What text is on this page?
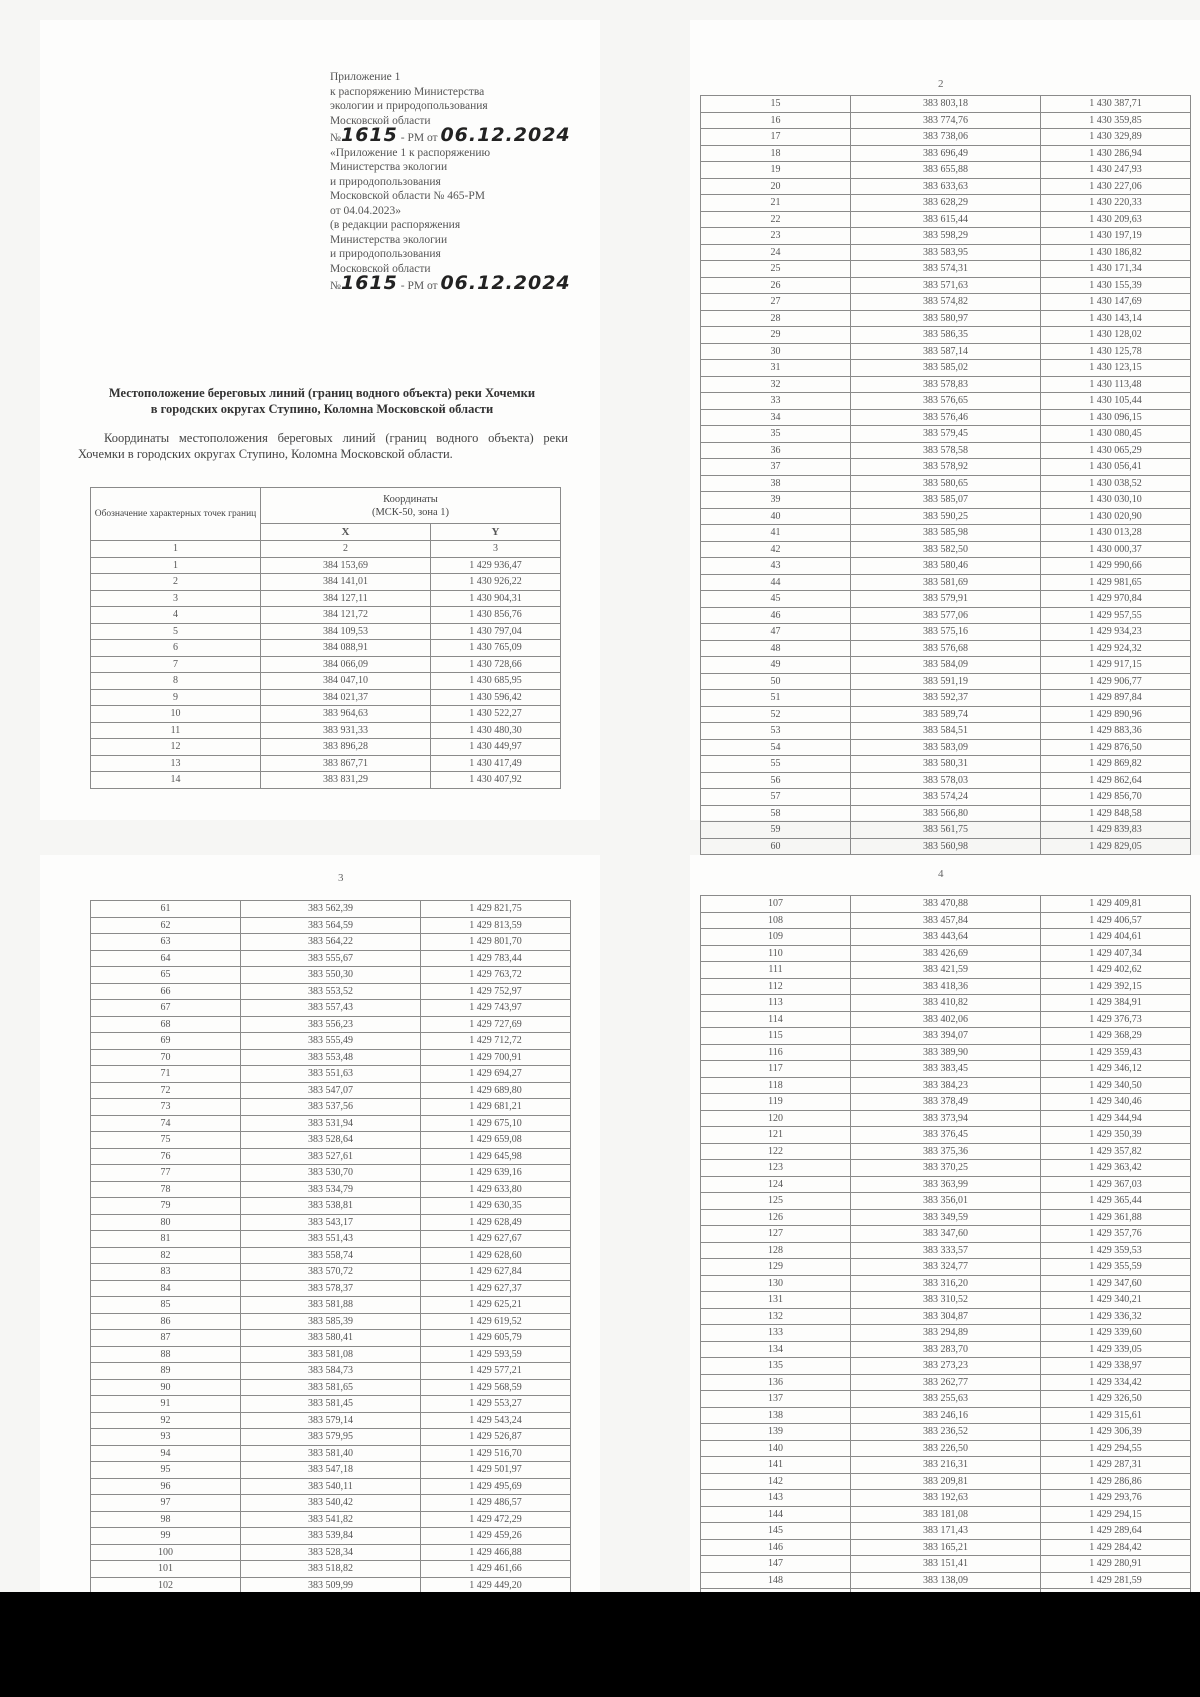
Приложение 1
к распоряжению Министерства
экологии и природопользования
Московской области
№1615 - РМ от 06.12.2024
«Приложение 1 к распоряжению
Министерства экологии
и природопользования
Московской области № 465-РМ
от 04.04.2023»
(в редакции распоряжения
Министерства экологии
и природопользования
Московской области
№1615 - РМ от 06.12.2024
Местоположение береговых линий (границ водного объекта) реки Хочемки
в городских округах Ступино, Коломна Московской области
Координаты местоположения береговых линий (границ водного объекта) реки Хочемки в городских округах Ступино, Коломна Московской области.
Обозначение характерных точек границ	Координаты
(МСК-50, зона 1)	

	X	Y
1	2	3
1	384 153,69	1 429 936,47
2	384 141,01	1 430 926,22
3	384 127,11	1 430 904,31
4	384 121,72	1 430 856,76
5	384 109,53	1 430 797,04
6	384 088,91	1 430 765,09
7	384 066,09	1 430 728,66
8	384 047,10	1 430 685,95
9	384 021,37	1 430 596,42
10	383 964,63	1 430 522,27
11	383 931,33	1 430 480,30
12	383 896,28	1 430 449,97
13	383 867,71	1 430 417,49
14	383 831,29	1 430 407,92
2
15	383 803,18	1 430 387,71
16	383 774,76	1 430 359,85
17	383 738,06	1 430 329,89
18	383 696,49	1 430 286,94
19	383 655,88	1 430 247,93
20	383 633,63	1 430 227,06
21	383 628,29	1 430 220,33
22	383 615,44	1 430 209,63
23	383 598,29	1 430 197,19
24	383 583,95	1 430 186,82
25	383 574,31	1 430 171,34
26	383 571,63	1 430 155,39
27	383 574,82	1 430 147,69
28	383 580,97	1 430 143,14
29	383 586,35	1 430 128,02
30	383 587,14	1 430 125,78
31	383 585,02	1 430 123,15
32	383 578,83	1 430 113,48
33	383 576,65	1 430 105,44
34	383 576,46	1 430 096,15
35	383 579,45	1 430 080,45
36	383 578,58	1 430 065,29
37	383 578,92	1 430 056,41
38	383 580,65	1 430 038,52
39	383 585,07	1 430 030,10
40	383 590,25	1 430 020,90
41	383 585,98	1 430 013,28
42	383 582,50	1 430 000,37
43	383 580,46	1 429 990,66
44	383 581,69	1 429 981,65
45	383 579,91	1 429 970,84
46	383 577,06	1 429 957,55
47	383 575,16	1 429 934,23
48	383 576,68	1 429 924,32
49	383 584,09	1 429 917,15
50	383 591,19	1 429 906,77
51	383 592,37	1 429 897,84
52	383 589,74	1 429 890,96
53	383 584,51	1 429 883,36
54	383 583,09	1 429 876,50
55	383 580,31	1 429 869,82
56	383 578,03	1 429 862,64
57	383 574,24	1 429 856,70
58	383 566,80	1 429 848,58
59	383 561,75	1 429 839,83
60	383 560,98	1 429 829,05
3
61	383 562,39	1 429 821,75
62	383 564,59	1 429 813,59
63	383 564,22	1 429 801,70
64	383 555,67	1 429 783,44
65	383 550,30	1 429 763,72
66	383 553,52	1 429 752,97
67	383 557,43	1 429 743,97
68	383 556,23	1 429 727,69
69	383 555,49	1 429 712,72
70	383 553,48	1 429 700,91
71	383 551,63	1 429 694,27
72	383 547,07	1 429 689,80
73	383 537,56	1 429 681,21
74	383 531,94	1 429 675,10
75	383 528,64	1 429 659,08
76	383 527,61	1 429 645,98
77	383 530,70	1 429 639,16
78	383 534,79	1 429 633,80
79	383 538,81	1 429 630,35
80	383 543,17	1 429 628,49
81	383 551,43	1 429 627,67
82	383 558,74	1 429 628,60
83	383 570,72	1 429 627,84
84	383 578,37	1 429 627,37
85	383 581,88	1 429 625,21
86	383 585,39	1 429 619,52
87	383 580,41	1 429 605,79
88	383 581,08	1 429 593,59
89	383 584,73	1 429 577,21
90	383 581,65	1 429 568,59
91	383 581,45	1 429 553,27
92	383 579,14	1 429 543,24
93	383 579,95	1 429 526,87
94	383 581,40	1 429 516,70
95	383 547,18	1 429 501,97
96	383 540,11	1 429 495,69
97	383 540,42	1 429 486,57
98	383 541,82	1 429 472,29
99	383 539,84	1 429 459,26
100	383 528,34	1 429 466,88
101	383 518,82	1 429 461,66
102	383 509,99	1 429 449,20

4
107	383 470,88	1 429 409,81
108	383 457,84	1 429 406,57
109	383 443,64	1 429 404,61
110	383 426,69	1 429 407,34
111	383 421,59	1 429 402,62
112	383 418,36	1 429 392,15
113	383 410,82	1 429 384,91
114	383 402,06	1 429 376,73
115	383 394,07	1 429 368,29
116	383 389,90	1 429 359,43
117	383 383,45	1 429 346,12
118	383 384,23	1 429 340,50
119	383 378,49	1 429 340,46
120	383 373,94	1 429 344,94
121	383 376,45	1 429 350,39
122	383 375,36	1 429 357,82
123	383 370,25	1 429 363,42
124	383 363,99	1 429 367,03
125	383 356,01	1 429 365,44
126	383 349,59	1 429 361,88
127	383 347,60	1 429 357,76
128	383 333,57	1 429 359,53
129	383 324,77	1 429 355,59
130	383 316,20	1 429 347,60
131	383 310,52	1 429 340,21
132	383 304,87	1 429 336,32
133	383 294,89	1 429 339,60
134	383 283,70	1 429 339,05
135	383 273,23	1 429 338,97
136	383 262,77	1 429 334,42
137	383 255,63	1 429 326,50
138	383 246,16	1 429 315,61
139	383 236,52	1 429 306,39
140	383 226,50	1 429 294,55
141	383 216,31	1 429 287,31
142	383 209,81	1 429 286,86
143	383 192,63	1 429 293,76
144	383 181,08	1 429 294,15
145	383 171,43	1 429 289,64
146	383 165,21	1 429 284,42
147	383 151,41	1 429 280,91
148	383 138,09	1 429 281,59
